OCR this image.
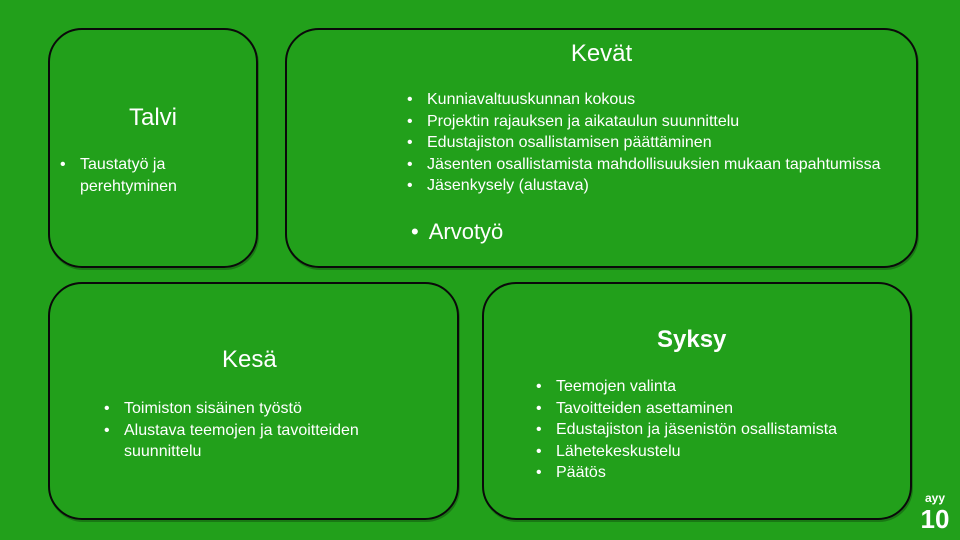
Talvi
• Taustatyö ja perehtyminen
Kevät
• Kunniavaltuuskunnan kokous
• Projektin rajauksen ja aikataulun suunnittelu
• Edustajiston osallistamisen päättäminen
• Jäsenten osallistamista mahdollisuuksien mukaan tapahtumissa
• Jäsenkysely (alustava)
• Arvotyö
Kesä
• Toimiston sisäinen työstö
• Alustava teemojen ja tavoitteiden suunnittelu
Syksy
• Teemojen valinta
• Tavoitteiden asettaminen
• Edustajiston ja jäsenistön osallistamista
• Lähetekeskustelu
• Päätös
ayy
10
